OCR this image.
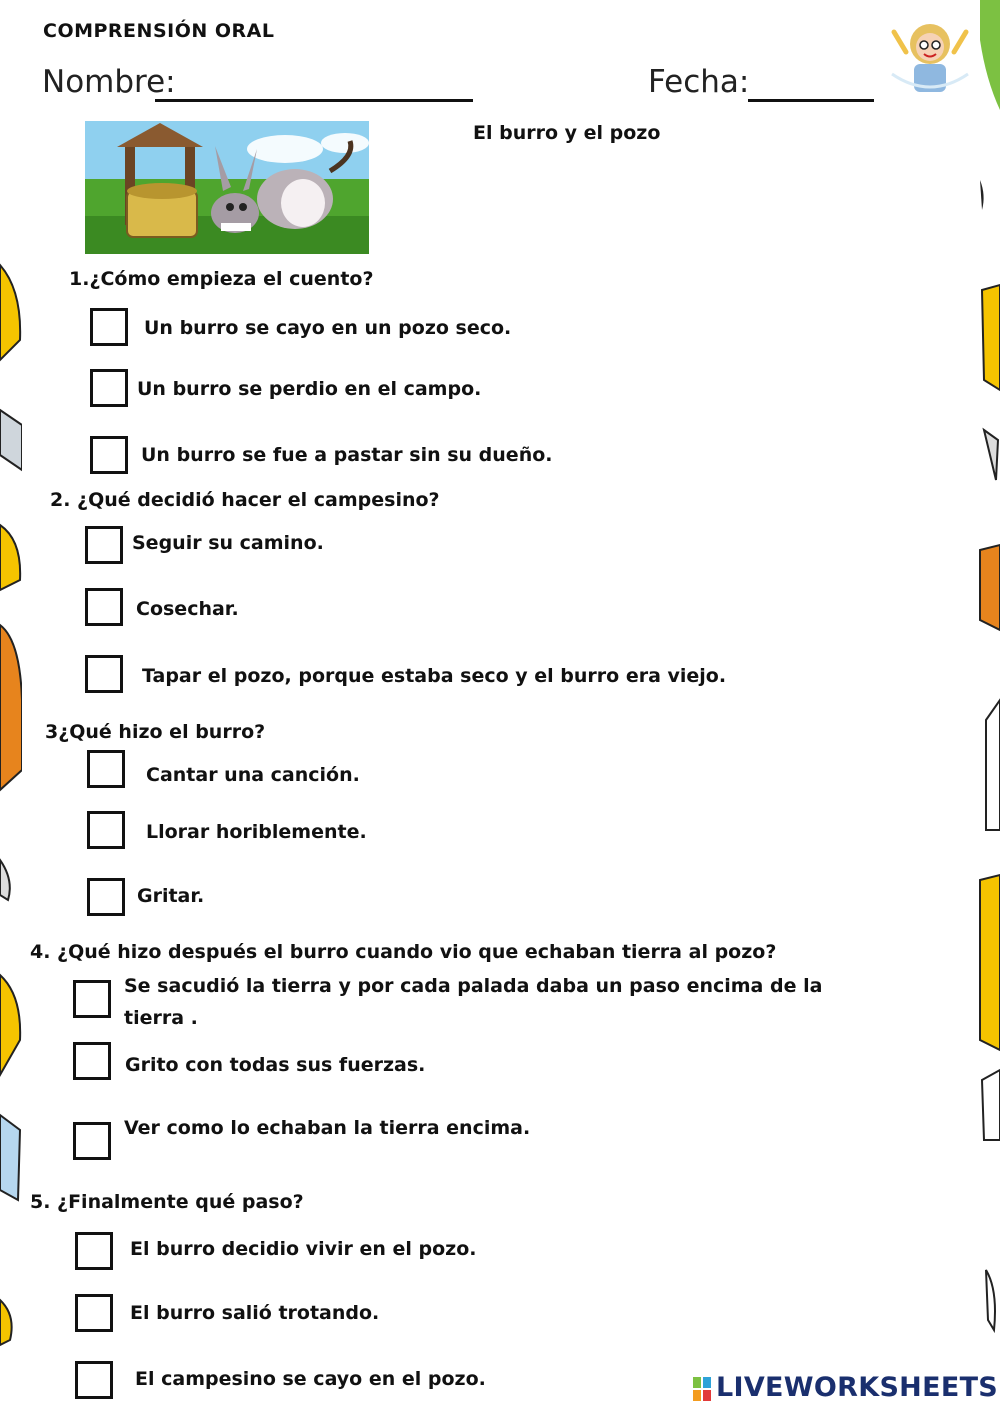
COMPRENSIÓN ORAL
Nombre:	Fecha:
El burro y el pozo
1.¿Cómo empieza el cuento?
Un burro se cayo en un pozo seco.
Un burro se perdio en el campo.
Un burro se fue a pastar sin su dueño.
2. ¿Qué decidió hacer el campesino?
Seguir su camino.
Cosechar.
Tapar el pozo, porque estaba seco y el burro era viejo.
3¿Qué hizo el burro?
Cantar una canción.
Llorar horiblemente.
Gritar.
4. ¿Qué hizo después el burro cuando vio que echaban tierra al pozo?
Se sacudió la tierra y por cada palada daba un paso encima de la
tierra .
Grito con todas sus fuerzas.
Ver como lo echaban la tierra encima.
5. ¿Finalmente qué paso?
El burro decidio vivir en el pozo.
El burro salió trotando.
El campesino se cayo en el pozo.	LIVEWORKSHEETS
